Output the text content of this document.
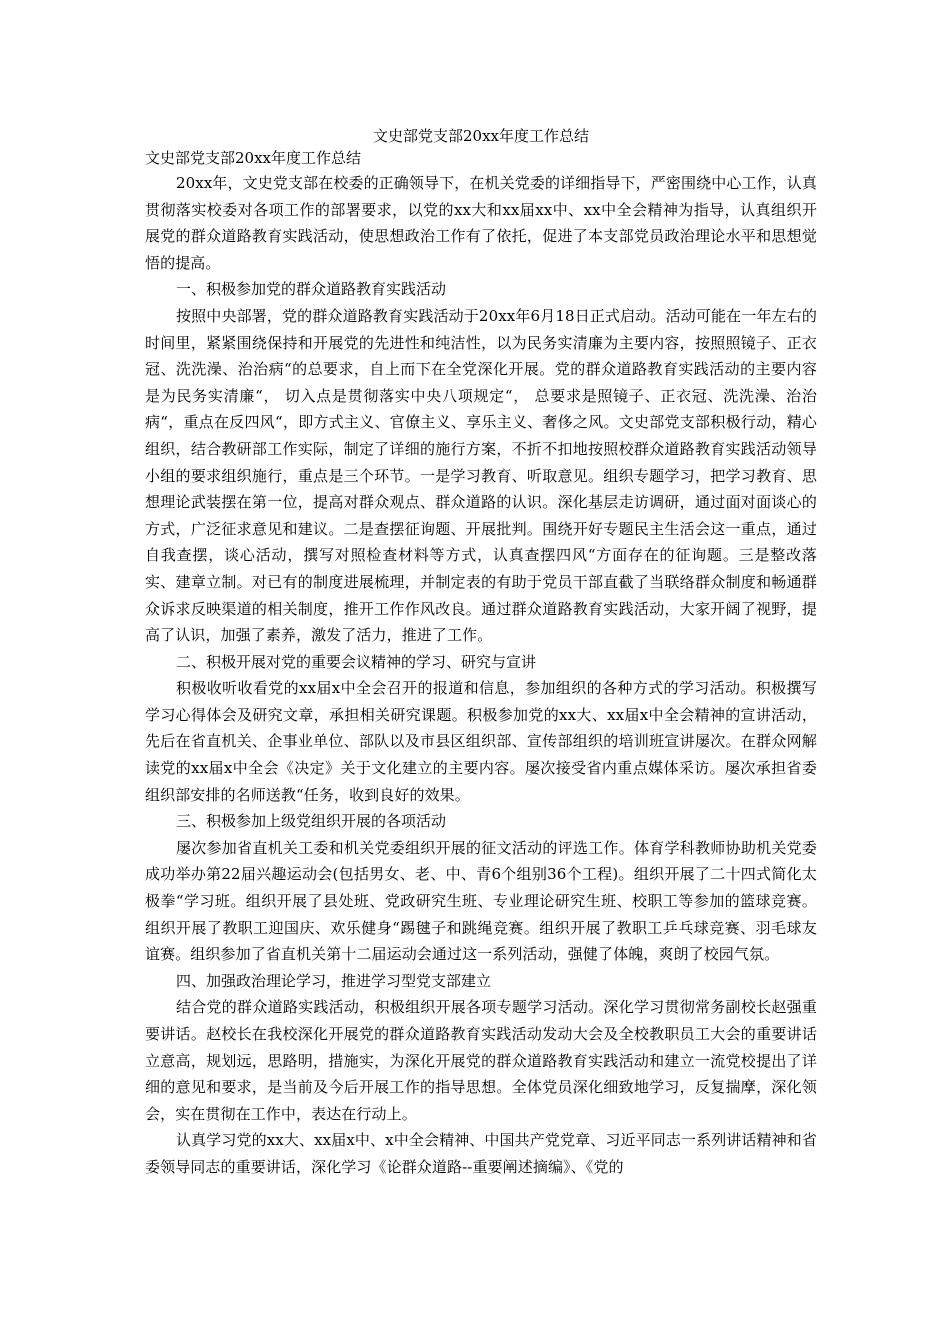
文史部党支部20xx年度工作总结

文史部党支部20xx年度工作总结

20xx年，文史党支部在校委的正确领导下，在机关党委的详细指导下，严密围绕中心工作，认真贯彻落实校委对各项工作的部署要求，以党的xx大和xx届xx中、xx中全会精神为指导，认真组织开展党的群众道路教育实践活动，使思想政治工作有了依托，促进了本支部党员政治理论水平和思想觉悟的提高。

一、积极参加党的群众道路教育实践活动

按照中央部署，党的群众道路教育实践活动于20xx年6月18日正式启动。活动可能在一年左右的时间里，紧紧围绕保持和开展党的先进性和纯洁性，以为民务实清廉为主要内容，按照照镜子、正衣冠、洗洗澡、治治病“的总要求，自上而下在全党深化开展。党的群众道路教育实践活动的主要内容是为民务实清廉“， 切入点是贯彻落实中央八项规定“， 总要求是照镜子、正衣冠、洗洗澡、治治病“，重点在反四风“，即方式主义、官僚主义、享乐主义、奢侈之风。文史部党支部积极行动，精心组织，结合教研部工作实际，制定了详细的施行方案，不折不扣地按照校群众道路教育实践活动领导小组的要求组织施行，重点是三个环节。一是学习教育、听取意见。组织专题学习，把学习教育、思想理论武装摆在第一位，提高对群众观点、群众道路的认识。深化基层走访调研，通过面对面谈心的方式，广泛征求意见和建议。二是查摆征询题、开展批判。围绕开好专题民主生活会这一重点，通过自我查摆，谈心活动，撰写对照检查材料等方式，认真查摆四风“方面存在的征询题。三是整改落实、建章立制。对已有的制度进展梳理，并制定表的有助于党员干部直截了当联络群众制度和畅通群众诉求反映渠道的相关制度，推开工作作风改良。通过群众道路教育实践活动，大家开阔了视野，提高了认识，加强了素养，激发了活力，推进了工作。

二、积极开展对党的重要会议精神的学习、研究与宣讲

积极收听收看党的xx届x中全会召开的报道和信息，参加组织的各种方式的学习活动。积极撰写学习心得体会及研究文章，承担相关研究课题。积极参加党的xx大、xx届x中全会精神的宣讲活动，先后在省直机关、企事业单位、部队以及市县区组织部、宣传部组织的培训班宣讲屡次。在群众网解读党的xx届x中全会《决定》关于文化建立的主要内容。屡次接受省内重点媒体采访。屡次承担省委组织部安排的名师送教“任务，收到良好的效果。

三、积极参加上级党组织开展的各项活动

屡次参加省直机关工委和机关党委组织开展的征文活动的评选工作。体育学科教师协助机关党委成功举办第22届兴趣运动会(包括男女、老、中、青6个组别36个工程)。组织开展了二十四式简化太极拳“学习班。组织开展了县处班、党政研究生班、专业理论研究生班、校职工等参加的篮球竞赛。组织开展了教职工迎国庆、欢乐健身“踢毽子和跳绳竞赛。组织开展了教职工乒乓球竞赛、羽毛球友谊赛。组织参加了省直机关第十二届运动会通过这一系列活动，强健了体魄，爽朗了校园气氛。

四、加强政治理论学习，推进学习型党支部建立

结合党的群众道路实践活动，积极组织开展各项专题学习活动。深化学习贯彻常务副校长赵强重要讲话。赵校长在我校深化开展党的群众道路教育实践活动发动大会及全校教职员工大会的重要讲话立意高，规划远，思路明，措施实，为深化开展党的群众道路教育实践活动和建立一流党校提出了详细的意见和要求，是当前及今后开展工作的指导思想。全体党员深化细致地学习，反复揣摩，深化领会，实在贯彻在工作中，表达在行动上。

认真学习党的xx大、xx届x中、x中全会精神、中国共产党党章、习近平同志一系列讲话精神和省委领导同志的重要讲话，深化学习《论群众道路--重要阐述摘编》、《党的
